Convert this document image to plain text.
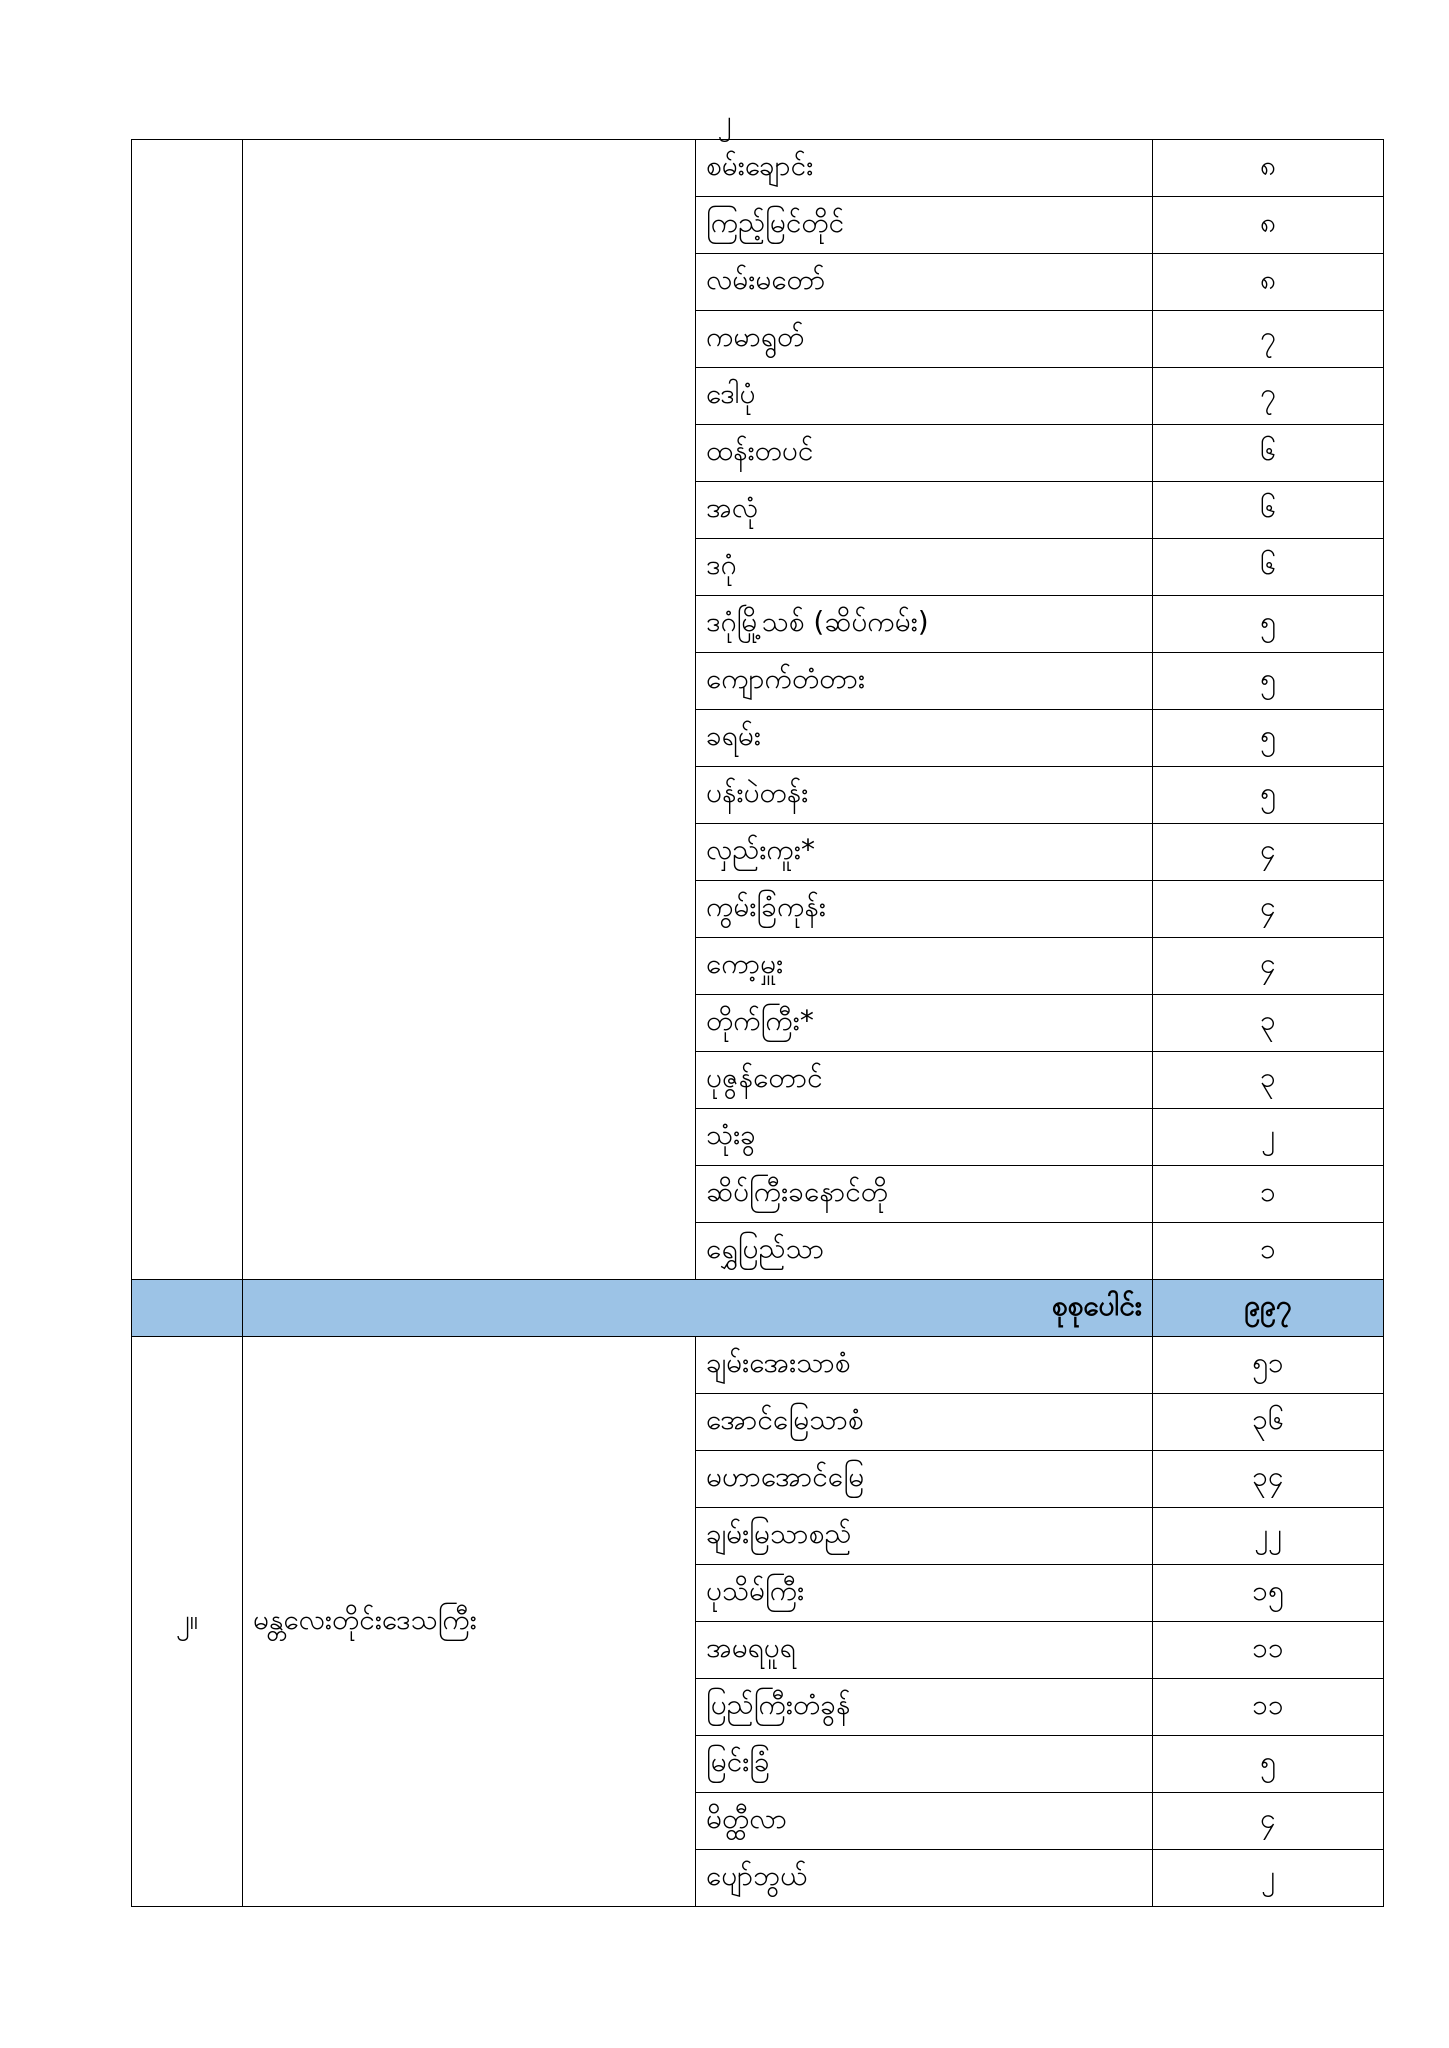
၂
		စမ်းချောင်း	၈
		ကြည့်မြင်တိုင်	၈
		လမ်းမတော်	၈
		ကမာရွတ်	၇
		ဒေါပုံ	၇
		ထန်းတပင်	၆
		အလုံ	၆
		ဒဂုံ	၆
		ဒဂုံမြို့သစ် (ဆိပ်ကမ်း)	၅
		ကျောက်တံတား	၅
		ခရမ်း	၅
		ပန်းပဲတန်း	၅
		လှည်းကူး*	၄
		ကွမ်းခြံကုန်း	၄
		ကော့မှူး	၄
		တိုက်ကြီး*	၃
		ပုဇွန်တောင်	၃
		သုံးခွ	၂
		ဆိပ်ကြီးခနောင်တို	၁
		ရွှေပြည်သာ	၁
	စုစုပေါင်း		၉၉၇
၂။	မန္တလေးတိုင်းဒေသကြီး	ချမ်းအေးသာစံ	၅၁
		အောင်မြေသာစံ	၃၆
		မဟာအောင်မြေ	၃၄
		ချမ်းမြသာစည်	၂၂
		ပုသိမ်ကြီး	၁၅
		အမရပူရ	၁၁
		ပြည်ကြီးတံခွန်	၁၁
		မြင်းခြံ	၅
		မိတ္ထီလာ	၄
		ပျော်ဘွယ်	၂
